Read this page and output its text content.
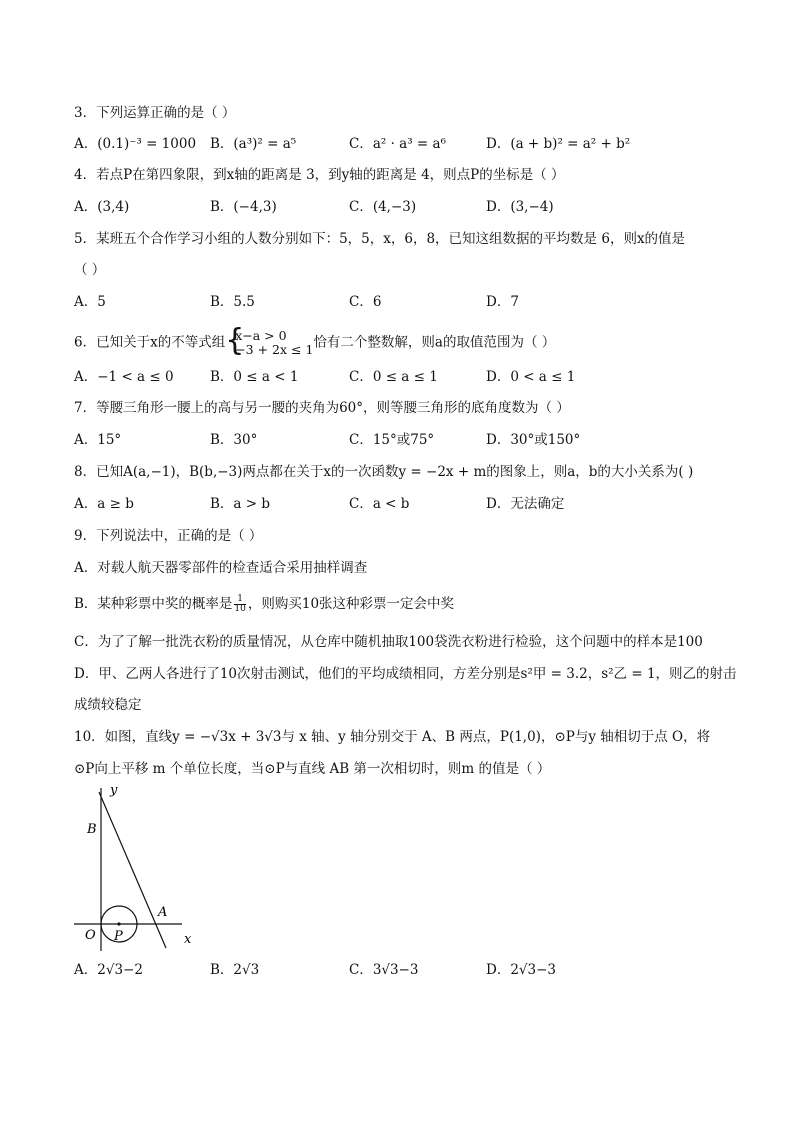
3．下列运算正确的是（ ）
A．(0.1)⁻³ = 1000 B．(a³)² = a⁵	C．a² · a³ = a⁶	D．(a + b)² = a² + b²
4．若点P在第四象限，到x轴的距离是 3，到y轴的距离是 4，则点P的坐标是（ ）
A．(3,4)	B．(−4,3)	C．(4,−3)	D．(3,−4)
5．某班五个合作学习小组的人数分别如下：5，5，x，6，8，已知这组数据的平均数是 6，则x的值是
（ ）
A．5	B．5.5	C．6	D．7
6．已知关于x的不等式组 {
x−a > 0
−3 + 2x ≤ 1 恰有二个整数解，则a的取值范围为（ ）
A．−1 < a ≤ 0	B．0 ≤ a < 1	C．0 ≤ a ≤ 1	D．0 < a ≤ 1
7．等腰三角形一腰上的高与另一腰的夹角为60°，则等腰三角形的底角度数为（ ）
A．15°	B．30°	C．15°或75°	D．30°或150°
8．已知A(a,−1)，B(b,−3)两点都在关于x的一次函数y = −2x + m的图象上，则a，b的大小关系为( )
A．a ≥ b	B．a > b	C．a < b	D．无法确定
9．下列说法中，正确的是（ ）
A．对载人航天器零部件的检查适合采用抽样调查
B．某种彩票中奖的概率是 $\frac{1}{10}$ ，则购买10张这种彩票一定会中奖
C．为了了解一批洗衣粉的质量情况，从仓库中随机抽取100袋洗衣粉进行检验，这个问题中的样本是100
D．甲、乙两人各进行了10次射击测试，他们的平均成绩相同，方差分别是s²甲 = 3.2，s²乙 = 1，则乙的射击
成绩较稳定
10．如图，直线y = −√3x + 3√3与 x 轴、y 轴分别交于 A、B 两点，P(1,0)，⊙P与y 轴相切于点 O，将
⊙P向上平移 m 个单位长度，当⊙P与直线 AB 第一次相切时，则m 的值是（ ）
y
x
B
A
O P
A．2√3−2	B．2√3	C．3√3−3	D．2√3−3
